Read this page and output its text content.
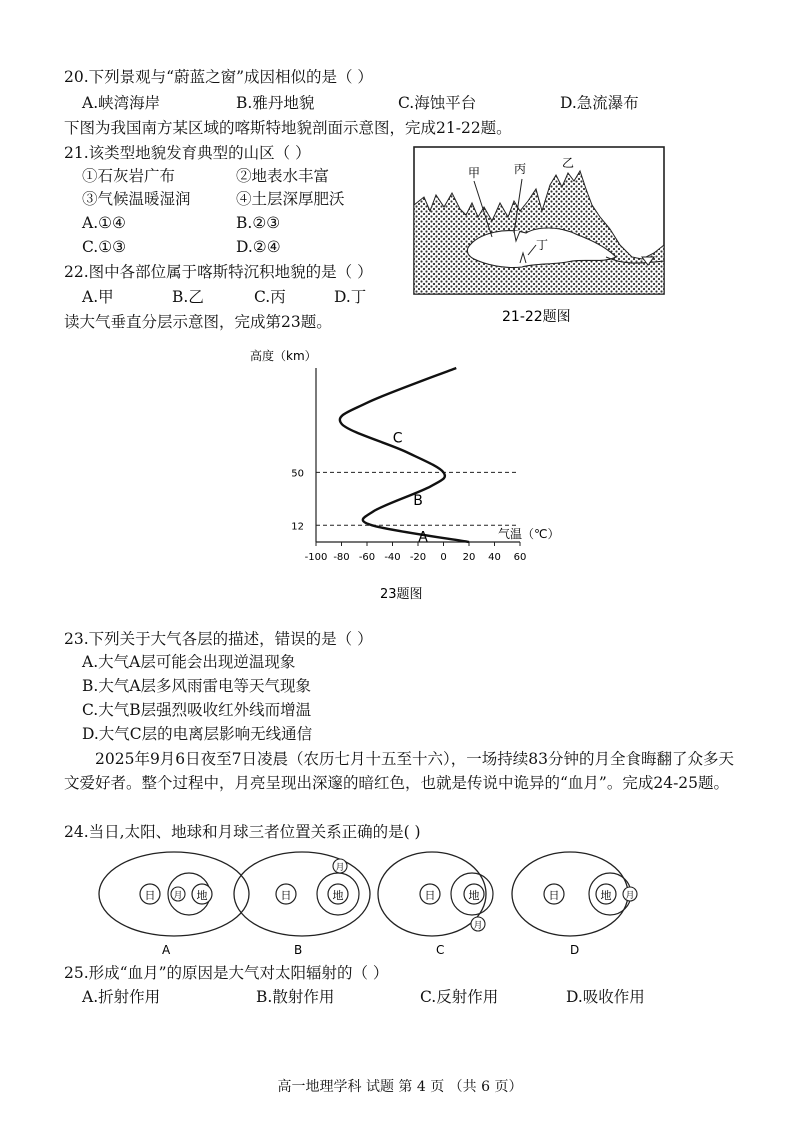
20.下列景观与“蔚蓝之窗”成因相似的是（ ）
A.峡湾海岸	B.雅丹地貌	C.海蚀平台	D.急流瀑布
下图为我国南方某区域的喀斯特地貌剖面示意图，完成21-22题。
21.该类型地貌发育典型的山区（ ）
①石灰岩广布	②地表水丰富
③气候温暖湿润	④土层深厚肥沃
A.①④	B.②③
C.①③	D.②④
22.图中各部位属于喀斯特沉积地貌的是（ ）
A.甲	B.乙	C.丙	D.丁
读大气垂直分层示意图，完成第23题。
甲	丙	乙
丁
21-22题图
高度（km）
气温（℃）
23题图
-100 -80 -60 -40 -20 0 20 40 60
12
50
A
B
C
23.下列关于大气各层的描述，错误的是（ ）
A.大气A层可能会出现逆温现象
B.大气A层多风雨雷电等天气现象
C.大气B层强烈吸收红外线而增温
D.大气C层的电离层影响无线通信
2025年9月6日夜至7日凌晨（农历七月十五至十六），一场持续83分钟的月全食晦翻了众多天文爱好者。整个过程中，月亮呈现出深邃的暗红色，也就是传说中诡异的“血月”。完成24-25题。
24.当日,太阳、地球和月球三者位置关系正确的是( )
日	地
月
A
日	地
月
B
日	地
月
C
日	地 月
D
25.形成“血月”的原因是大气对太阳辐射的（ ）
A.折射作用	B.散射作用	C.反射作用	D.吸收作用
高一地理学科 试题 第 4 页 （共 6 页）
